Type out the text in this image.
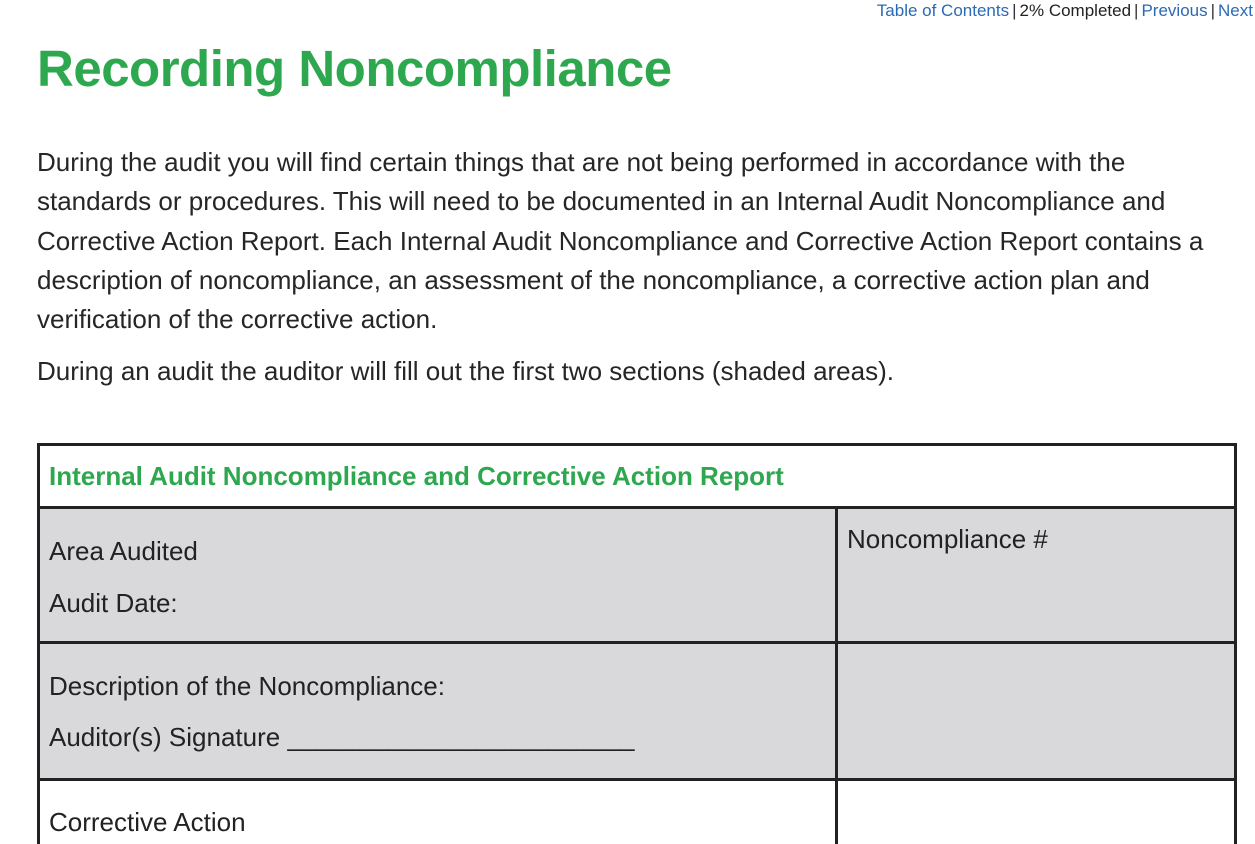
Table of Contents | 2% Completed | Previous | Next
Recording Noncompliance

During the audit you will find certain things that are not being performed in accordance with the standards or procedures. This will need to be documented in an Internal Audit Noncompliance and Corrective Action Report. Each Internal Audit Noncompliance and Corrective Action Report contains a description of noncompliance, an assessment of the noncompliance, a corrective action plan and verification of the corrective action.

During an audit the auditor will fill out the first two sections (shaded areas).

Internal Audit Noncompliance and Corrective Action Report
Area Audited
Audit Date:
Noncompliance #
Description of the Noncompliance:
Auditor(s) Signature ________________________
Corrective Action
